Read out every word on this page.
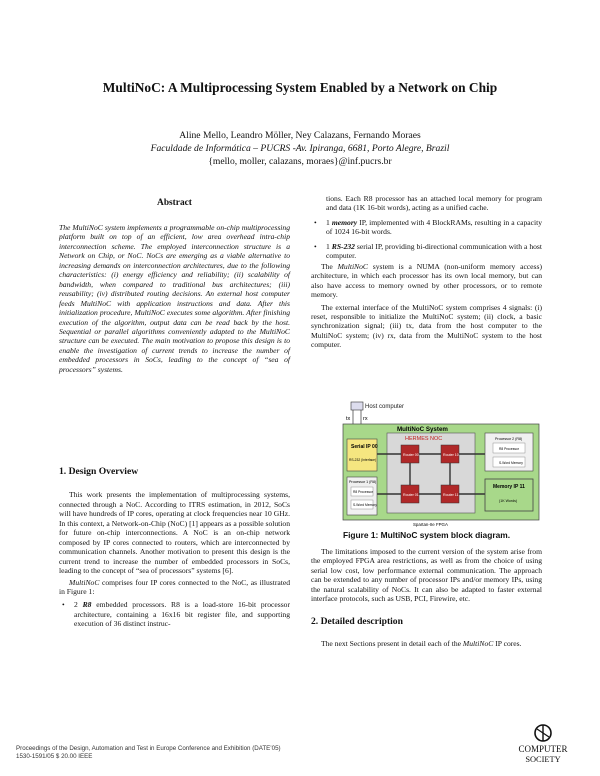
MultiNoC: A Multiprocessing System Enabled by a Network on Chip
Aline Mello, Leandro Möller, Ney Calazans, Fernando Moraes
Faculdade de Informática – PUCRS -Av. Ipiranga, 6681, Porto Alegre, Brazil
{mello, moller, calazans, moraes}@inf.pucrs.br
Abstract
The MultiNoC system implements a programmable on-chip multiprocessing platform built on top of an efficient, low area overhead intra-chip interconnection scheme. The employed interconnection structure is a Network on Chip, or NoC. NoCs are emerging as a viable alternative to increasing demands on interconnection architectures, due to the following characteristics: (i) energy efficiency and reliability; (ii) scalability of bandwidth, when compared to traditional bus architectures; (iii) reusability; (iv) distributed routing decisions. An external host computer feeds MultiNoC with application instructions and data. After this initialization procedure, MultiNoC executes some algorithm. After finishing execution of the algorithm, output data can be read back by the host. Sequential or parallel algorithms conveniently adapted to the MultiNoC structure can be executed. The main motivation to propose this design is to enable the investigation of current trends to increase the number of embedded processors in SoCs, leading to the concept of “sea of processors” systems.
1. Design Overview

This work presents the implementation of multiprocessing systems, connected through a NoC. According to ITRS estimation, in 2012, SoCs will have hundreds of IP cores, operating at clock frequencies near 10 GHz. In this context, a Network-on-Chip (NoC) [1] appears as a possible solution for future on-chip interconnections. A NoC is an on-chip network composed by IP cores connected to routers, which are interconnected by communication channels. Another motivation to present this design is the current trend to increase the number of embedded processors in SoCs, leading to the concept of “sea of processors” systems [6].

MultiNoC comprises four IP cores connected to the NoC, as illustrated in Figure 1:

•	2 R8 embedded processors. R8 is a load-store 16-bit processor architecture, containing a 16x16 bit register file, and supporting execution of 36 distinct instruc-
tions. Each R8 processor has an attached local memory for program and data (1K 16-bit words), acting as a unified cache.
•	1 memory IP, implemented with 4 BlockRAMs, resulting in a capacity of 1024 16-bit words.
•	1 RS-232 serial IP, providing bi-directional communication with a host computer.

The MultiNoC system is a NUMA (non-uniform memory access) architecture, in which each processor has its own local memory, but can also have access to memory owned by other processors, or to remote memory.

The external interface of the MultiNoC system comprises 4 signals: (i) reset, responsible to initialize the MultiNoC system; (ii) clock, a basic synchronization signal; (iii) tx, data from the host computer to the MultiNoC system; (iv) rx, data from the MultiNoC system to the host computer.

Host computer
tx rx
MultiNoC System
HERMES NOC
Router 00	Router 10
Router 01	Router 11
Serial IP 00
RS-232 (Interface)
Processor 1 (R8)
R8 Processor
S-Word Memory
Processor 2 (R8)
R8 Processor
S-Word Memory
Memory IP 11
(1K Words)
Spartan-IIe FPGA
Figure 1: MultiNoC system block diagram.

The limitations imposed to the current version of the system arise from the employed FPGA area restrictions, as well as from the choice of using serial low cost, low performance external communication. The approach can be extended to any number of processor IPs and/or memory IPs, using the natural scalability of NoCs. It can also be adapted to faster external interface protocols, such as USB, PCI, Firewire, etc.

2. Detailed description

The next Sections present in detail each of the MultiNoC IP cores.

Proceedings of the Design, Automation and Test in Europe Conference and Exhibition (DATE’05)
1530-1591/05 $ 20.00 IEEE
COMPUTER
SOCIETY
